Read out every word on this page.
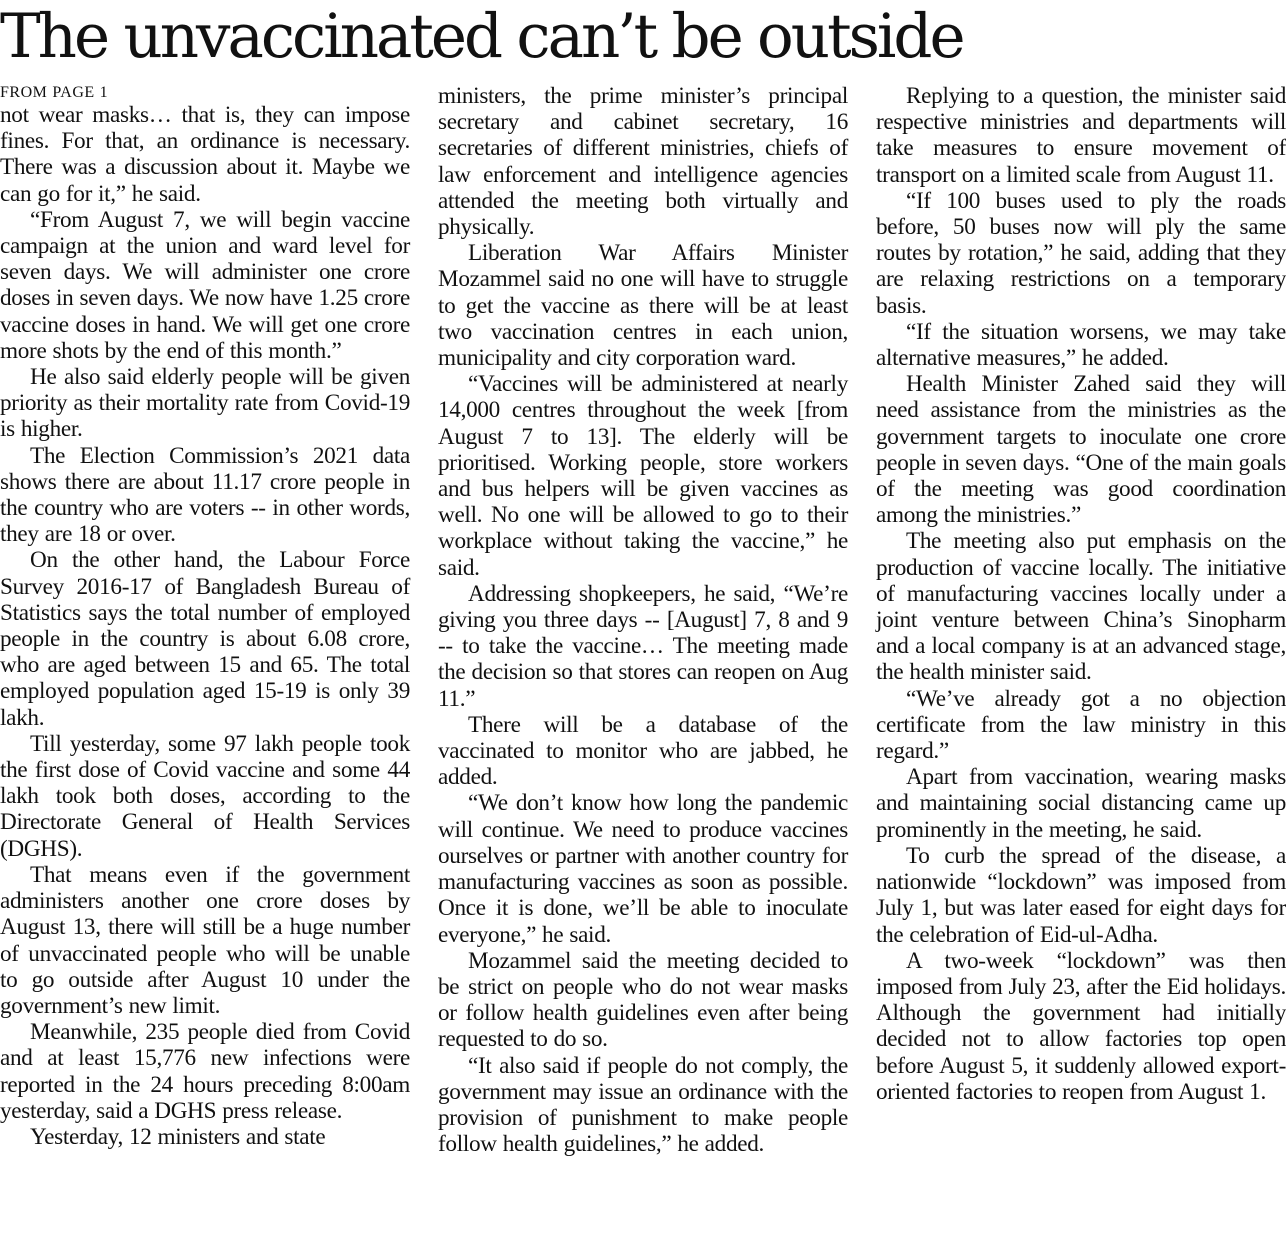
The unvaccinated can’t be outside
FROM PAGE 1

not wear masks… that is, they can impose fines. For that, an ordinance is necessary. There was a discussion about it. Maybe we can go for it,” he said.

“From August 7, we will begin vaccine campaign at the union and ward level for seven days. We will administer one crore doses in seven days. We now have 1.25 crore vaccine doses in hand. We will get one crore more shots by the end of this month.”

He also said elderly people will be given priority as their mortality rate from Covid-19 is higher.

The Election Commission’s 2021 data shows there are about 11.17 crore people in the country who are voters -- in other words, they are 18 or over.

On the other hand, the Labour Force Survey 2016-17 of Bangladesh Bureau of Statistics says the total number of employed people in the country is about 6.08 crore, who are aged between 15 and 65. The total employed population aged 15-19 is only 39 lakh.

Till yesterday, some 97 lakh people took the first dose of Covid vaccine and some 44 lakh took both doses, according to the Directorate General of Health Services (DGHS).

That means even if the government administers another one crore doses by August 13, there will still be a huge number of unvaccinated people who will be unable to go outside after August 10 under the government’s new limit.

Meanwhile, 235 people died from Covid and at least 15,776 new infections were reported in the 24 hours preceding 8:00am yesterday, said a DGHS press release.

Yesterday, 12 ministers and state

ministers, the prime minister’s principal secretary and cabinet secretary, 16 secretaries of different ministries, chiefs of law enforcement and intelligence agencies attended the meeting both virtually and physically.

Liberation War Affairs Minister Mozammel said no one will have to struggle to get the vaccine as there will be at least two vaccination centres in each union, municipality and city corporation ward.

“Vaccines will be administered at nearly 14,000 centres throughout the week [from August 7 to 13]. The elderly will be prioritised. Working people, store workers and bus helpers will be given vaccines as well. No one will be allowed to go to their workplace without taking the vaccine,” he said.

Addressing shopkeepers, he said, “We’re giving you three days -- [August] 7, 8 and 9 -- to take the vaccine… The meeting made the decision so that stores can reopen on Aug 11.”

There will be a database of the vaccinated to monitor who are jabbed, he added.

“We don’t know how long the pandemic will continue. We need to produce vaccines ourselves or partner with another country for manufacturing vaccines as soon as possible. Once it is done, we’ll be able to inoculate everyone,” he said.

Mozammel said the meeting decided to be strict on people who do not wear masks or follow health guidelines even after being requested to do so.

“It also said if people do not comply, the government may issue an ordinance with the provision of punishment to make people follow health guidelines,” he added.

Replying to a question, the minister said respective ministries and departments will take measures to ensure movement of transport on a limited scale from August 11.

“If 100 buses used to ply the roads before, 50 buses now will ply the same routes by rotation,” he said, adding that they are relaxing restrictions on a temporary basis.

“If the situation worsens, we may take alternative measures,” he added.

Health Minister Zahed said they will need assistance from the ministries as the government targets to inoculate one crore people in seven days. “One of the main goals of the meeting was good coordination among the ministries.”

The meeting also put emphasis on the production of vaccine locally. The initiative of manufacturing vaccines locally under a joint venture between China’s Sinopharm and a local company is at an advanced stage, the health minister said.

“We’ve already got a no objection certificate from the law ministry in this regard.”

Apart from vaccination, wearing masks and maintaining social distancing came up prominently in the meeting, he said.

To curb the spread of the disease, a nationwide “lockdown” was imposed from July 1, but was later eased for eight days for the celebration of Eid-ul-Adha.

A two-week “lockdown” was then imposed from July 23, after the Eid holidays. Although the government had initially decided not to allow factories top open before August 5, it suddenly allowed export-oriented factories to reopen from August 1.
